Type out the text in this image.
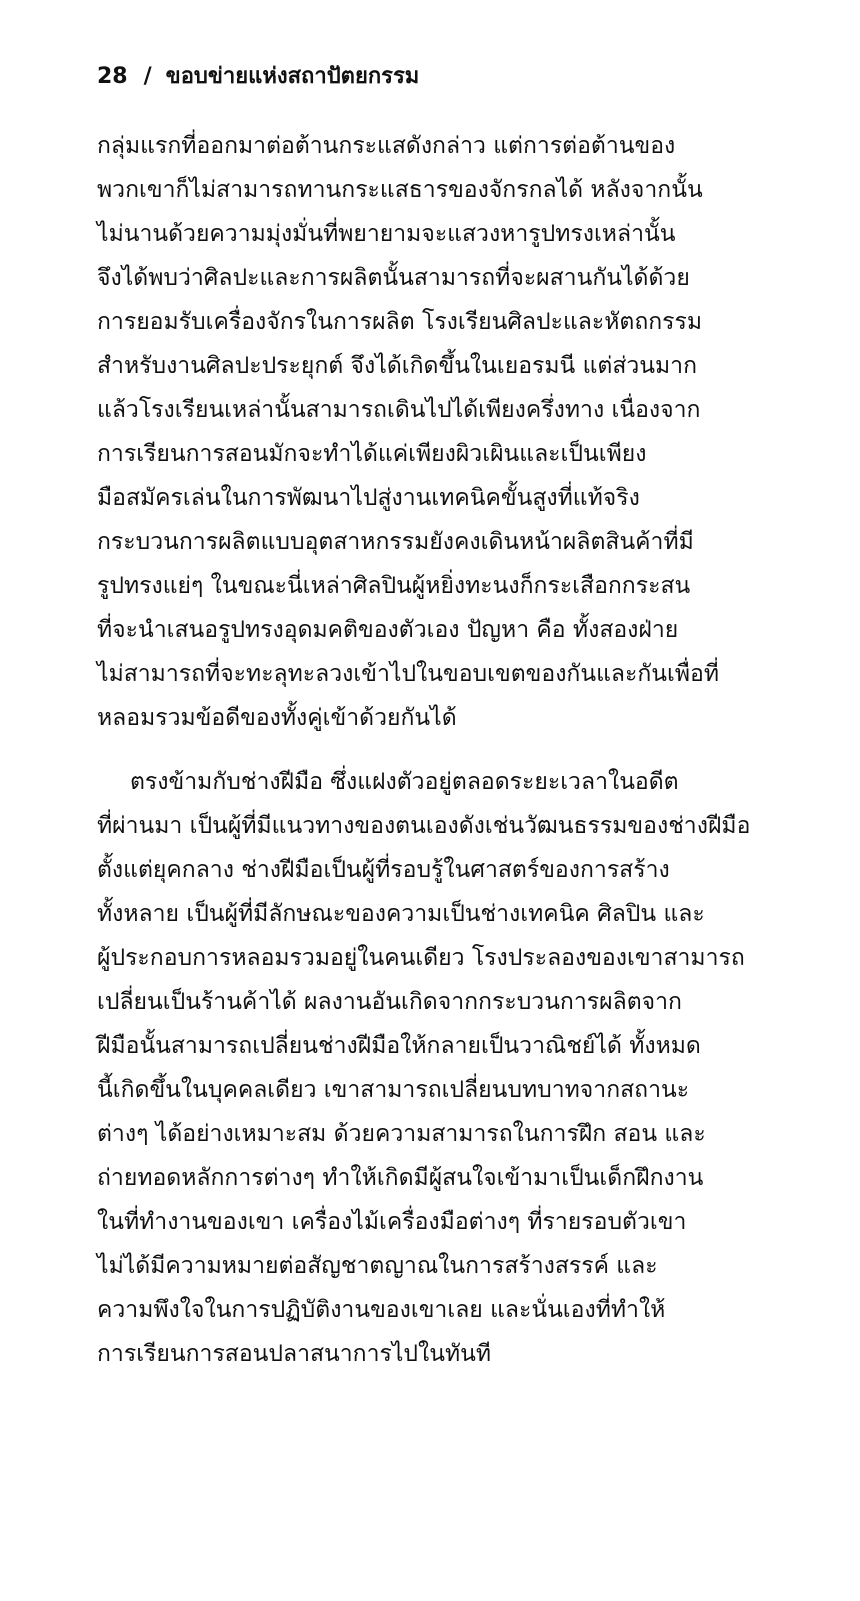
28 / ขอบข่ายแห่งสถาปัตยกรรม
กลุ่มแรกที่ออกมาต่อต้านกระแสดังกล่าว แต่การต่อต้านของ
พวกเขาก็ไม่สามารถทานกระแสธารของจักรกลได้ หลังจากนั้น
ไม่นานด้วยความมุ่งมั่นที่พยายามจะแสวงหารูปทรงเหล่านั้น
จึงได้พบว่าศิลปะและการผลิตนั้นสามารถที่จะผสานกันได้ด้วย
การยอมรับเครื่องจักรในการผลิต โรงเรียนศิลปะและหัตถกรรม
สำหรับงานศิลปะประยุกต์ จึงได้เกิดขึ้นในเยอรมนี แต่ส่วนมาก
แล้วโรงเรียนเหล่านั้นสามารถเดินไปได้เพียงครึ่งทาง เนื่องจาก
การเรียนการสอนมักจะทำได้แค่เพียงผิวเผินและเป็นเพียง
มือสมัครเล่นในการพัฒนาไปสู่งานเทคนิคขั้นสูงที่แท้จริง
กระบวนการผลิตแบบอุตสาหกรรมยังคงเดินหน้าผลิตสินค้าที่มี
รูปทรงแย่ๆ ในขณะนี่เหล่าศิลปินผู้หยิ่งทะนงก็กระเสือกกระสน
ที่จะนำเสนอรูปทรงอุดมคติของตัวเอง ปัญหา คือ ทั้งสองฝ่าย
ไม่สามารถที่จะทะลุทะลวงเข้าไปในขอบเขตของกันและกันเพื่อที่
หลอมรวมข้อดีของทั้งคู่เข้าด้วยกันได้
ตรงข้ามกับช่างฝีมือ ซึ่งแฝงตัวอยู่ตลอดระยะเวลาในอดีต
ที่ผ่านมา เป็นผู้ที่มีแนวทางของตนเองดังเช่นวัฒนธรรมของช่างฝีมือ
ตั้งแต่ยุคกลาง ช่างฝีมือเป็นผู้ที่รอบรู้ในศาสตร์ของการสร้าง
ทั้งหลาย เป็นผู้ที่มีลักษณะของความเป็นช่างเทคนิค ศิลปิน และ
ผู้ประกอบการหลอมรวมอยู่ในคนเดียว โรงประลองของเขาสามารถ
เปลี่ยนเป็นร้านค้าได้ ผลงานอันเกิดจากกระบวนการผลิตจาก
ฝีมือนั้นสามารถเปลี่ยนช่างฝีมือให้กลายเป็นวาณิชย์ได้ ทั้งหมด
นี้เกิดขึ้นในบุคคลเดียว เขาสามารถเปลี่ยนบทบาทจากสถานะ
ต่างๆ ได้อย่างเหมาะสม ด้วยความสามารถในการฝึก สอน และ
ถ่ายทอดหลักการต่างๆ ทำให้เกิดมีผู้สนใจเข้ามาเป็นเด็กฝึกงาน
ในที่ทำงานของเขา เครื่องไม้เครื่องมือต่างๆ ที่รายรอบตัวเขา
ไม่ได้มีความหมายต่อสัญชาตญาณในการสร้างสรรค์ และ
ความพึงใจในการปฏิบัติงานของเขาเลย และนั่นเองที่ทำให้
การเรียนการสอนปลาสนาการไปในทันที
